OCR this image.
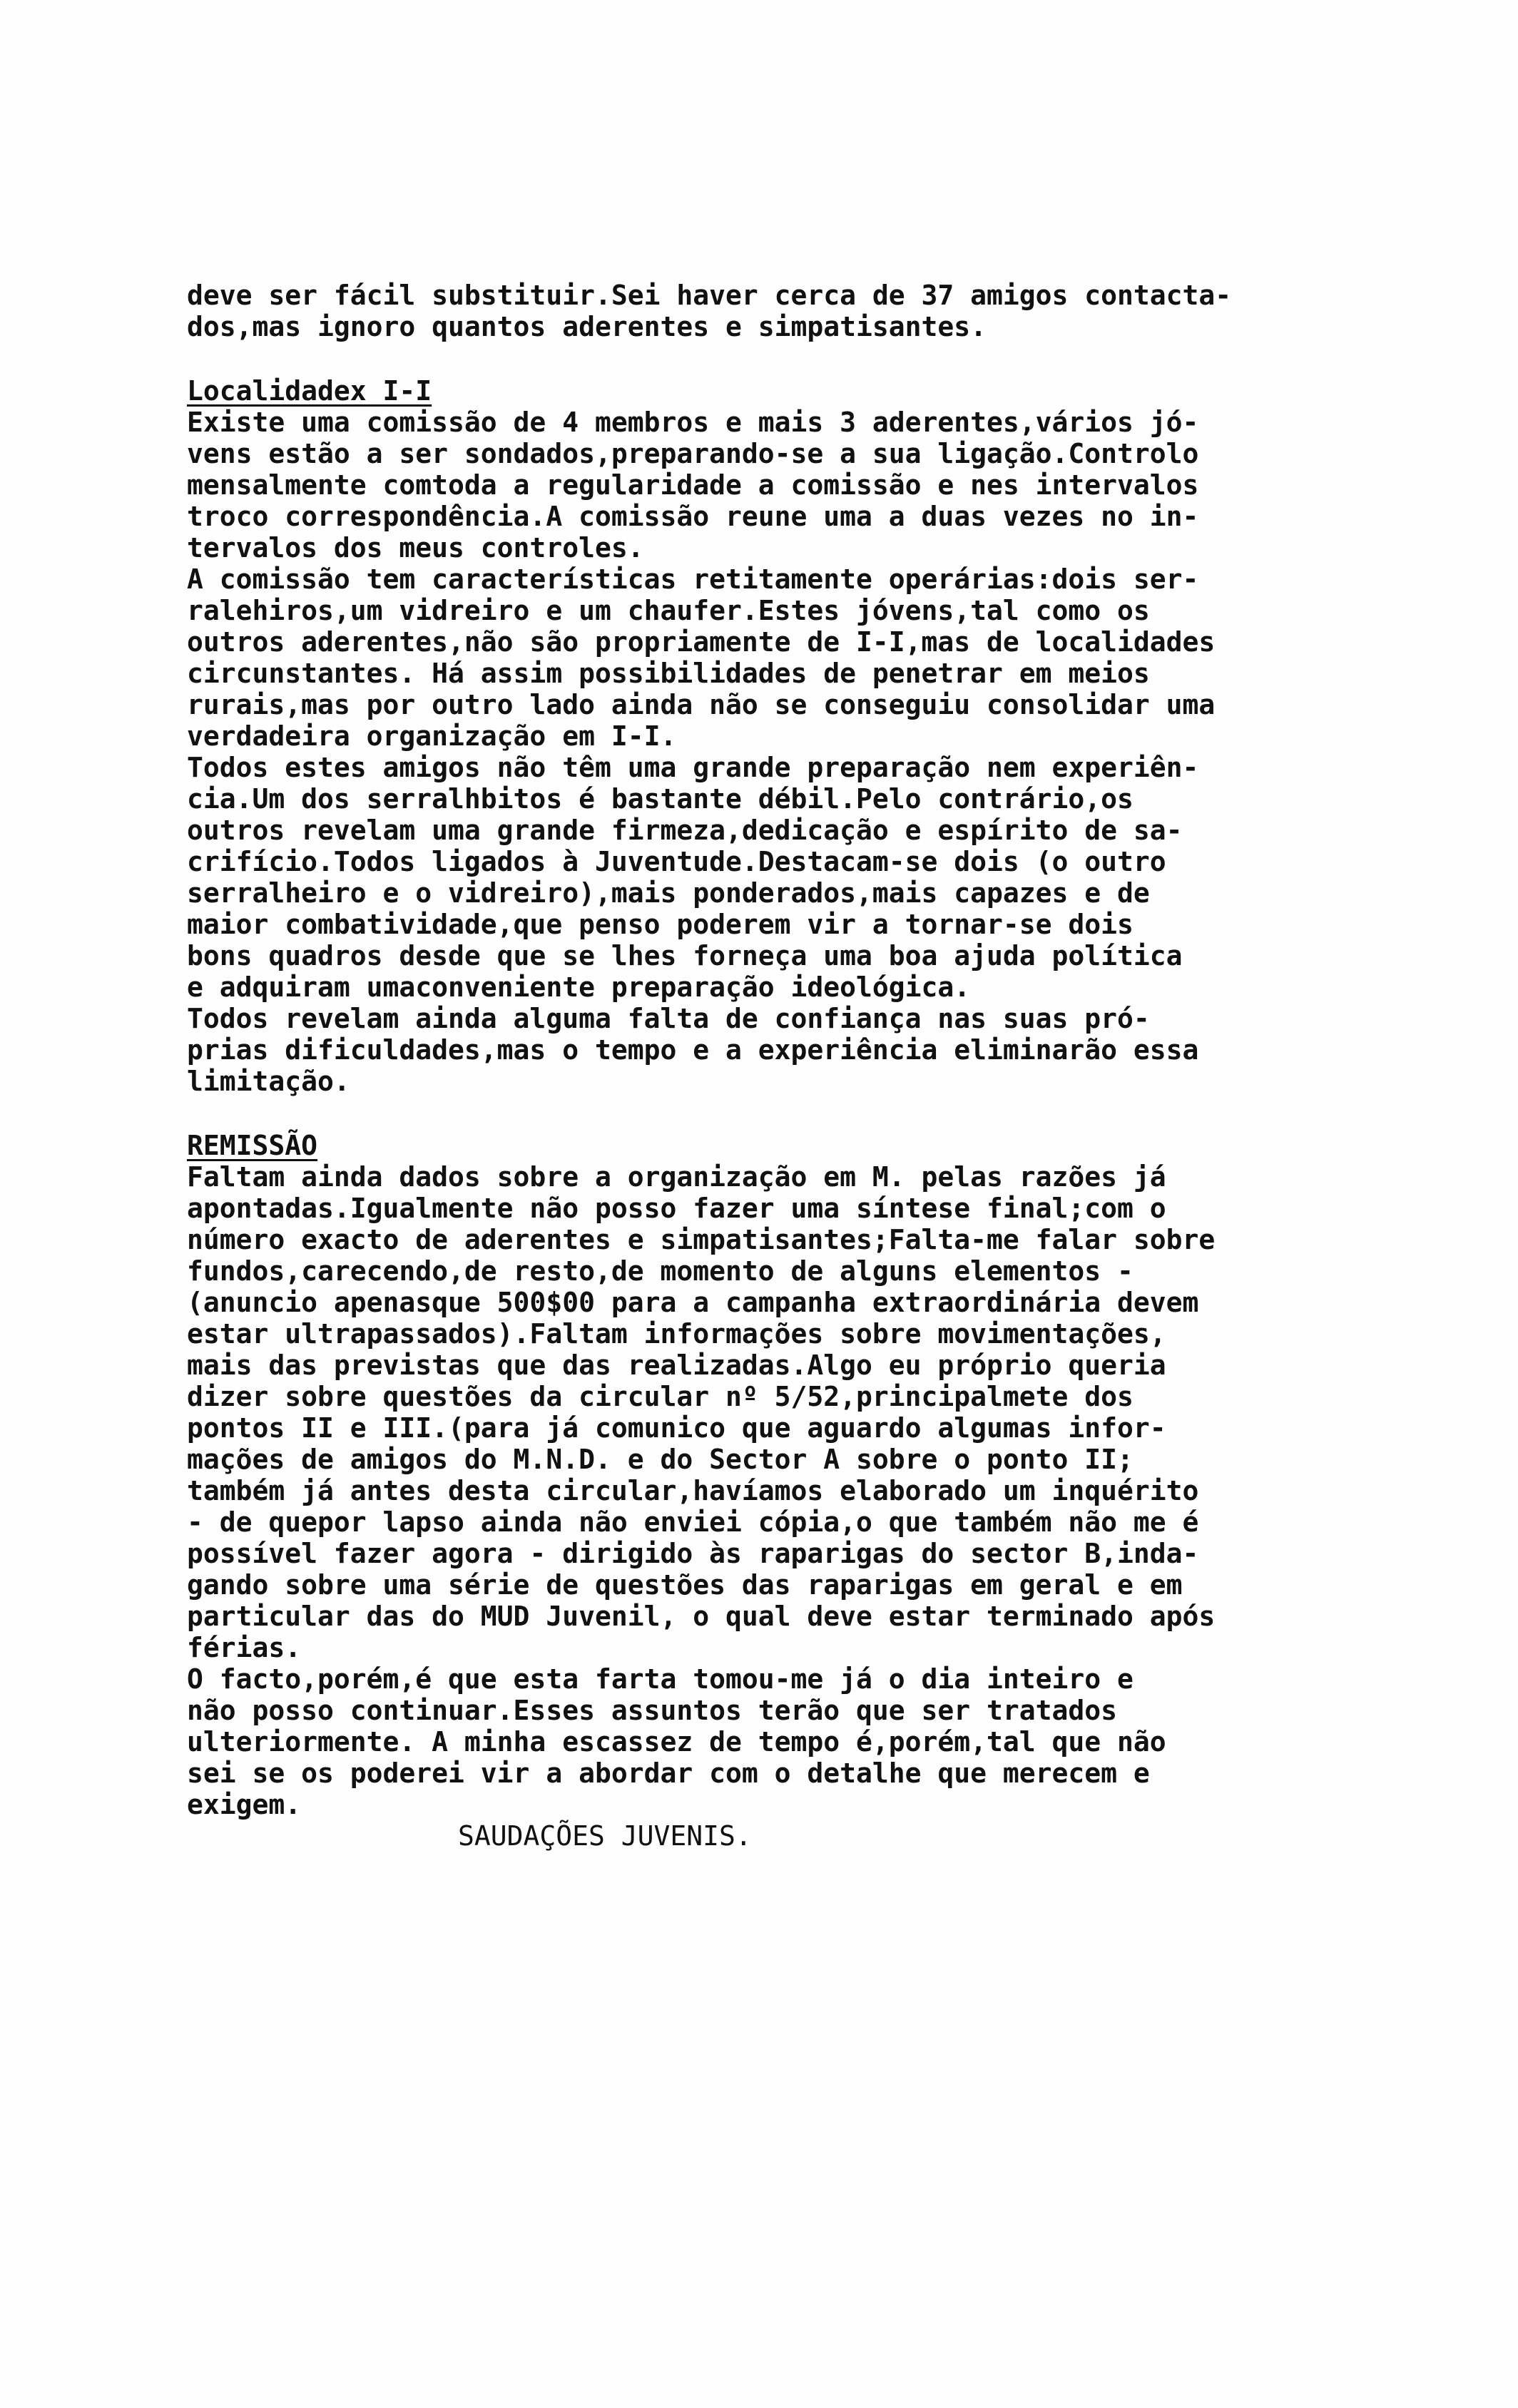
deve ser fácil substituir.Sei haver cerca de 37 amigos contacta-
dos,mas ignoro quantos aderentes e simpatisantes.
Localidadex I-I
Existe uma comissão de 4 membros e mais 3 aderentes,vários jó-
vens estão a ser sondados,preparando-se a sua ligação.Controlo
mensalmente comtoda a regularidade a comissão e nes intervalos
troco correspondência.A comissão reune uma a duas vezes no in-
tervalos dos meus controles.
A comissão tem características retitamente operárias:dois ser-
ralehiros,um vidreiro e um chaufer.Estes jóvens,tal como os
outros aderentes,não são propriamente de I-I,mas de localidades
circunstantes. Há assim possibilidades de penetrar em meios
rurais,mas por outro lado ainda não se conseguiu consolidar uma
verdadeira organização em I-I.
Todos estes amigos não têm uma grande preparação nem experiên-
cia.Um dos serralhbitos é bastante débil.Pelo contrário,os
outros revelam uma grande firmeza,dedicação e espírito de sa-
crifício.Todos ligados à Juventude.Destacam-se dois (o outro
serralheiro e o vidreiro),mais ponderados,mais capazes e de
maior combatividade,que penso poderem vir a tornar-se dois
bons quadros desde que se lhes forneça uma boa ajuda política
e adquiram umaconveniente preparação ideológica.
Todos revelam ainda alguma falta de confiança nas suas pró-
prias dificuldades,mas o tempo e a experiência eliminarão essa
limitação.
REMISSÃO
Faltam ainda dados sobre a organização em M. pelas razões já
apontadas.Igualmente não posso fazer uma síntese final;com o
número exacto de aderentes e simpatisantes;Falta-me falar sobre
fundos,carecendo,de resto,de momento de alguns elementos -
(anuncio apenasque 500$00 para a campanha extraordinária devem
estar ultrapassados).Faltam informações sobre movimentações,
mais das previstas que das realizadas.Algo eu próprio queria
dizer sobre questões da circular nº 5/52,principalmete dos
pontos II e III.(para já comunico que aguardo algumas infor-
mações de amigos do M.N.D. e do Sector A sobre o ponto II;
também já antes desta circular,havíamos elaborado um inquérito
- de quepor lapso ainda não enviei cópia,o que também não me é
possível fazer agora - dirigido às raparigas do sector B,inda-
gando sobre uma série de questões das raparigas em geral e em
particular das do MUD Juvenil, o qual deve estar terminado após
férias.
O facto,porém,é que esta farta tomou-me já o dia inteiro e
não posso continuar.Esses assuntos terão que ser tratados
ulteriormente. A minha escassez de tempo é,porém,tal que não
sei se os poderei vir a abordar com o detalhe que merecem e
exigem.
SAUDAÇÕES JUVENIS.
